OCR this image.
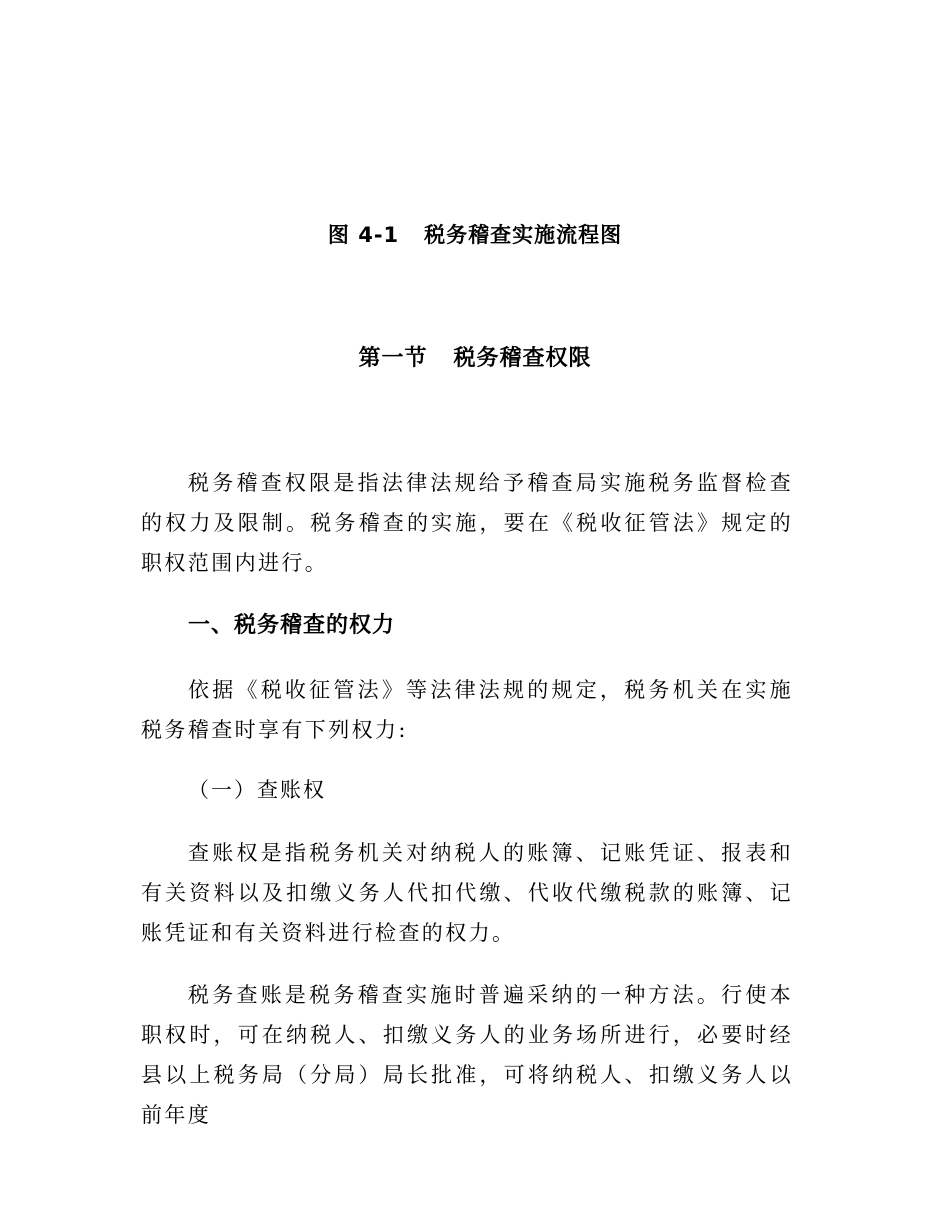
图 4-1   税务稽查实施流程图
第一节   税务稽查权限
税务稽查权限是指法律法规给予稽查局实施税务监督检查的权力及限制。税务稽查的实施，要在《税收征管法》规定的职权范围内进行。
一、税务稽查的权力
依据《税收征管法》等法律法规的规定，税务机关在实施税务稽查时享有下列权力:
（一）查账权
查账权是指税务机关对纳税人的账簿、记账凭证、报表和有关资料以及扣缴义务人代扣代缴、代收代缴税款的账簿、记账凭证和有关资料进行检查的权力。
税务查账是税务稽查实施时普遍采纳的一种方法。行使本职权时，可在纳税人、扣缴义务人的业务场所进行，必要时经县以上税务局（分局）局长批准，可将纳税人、扣缴义务人以前年度
